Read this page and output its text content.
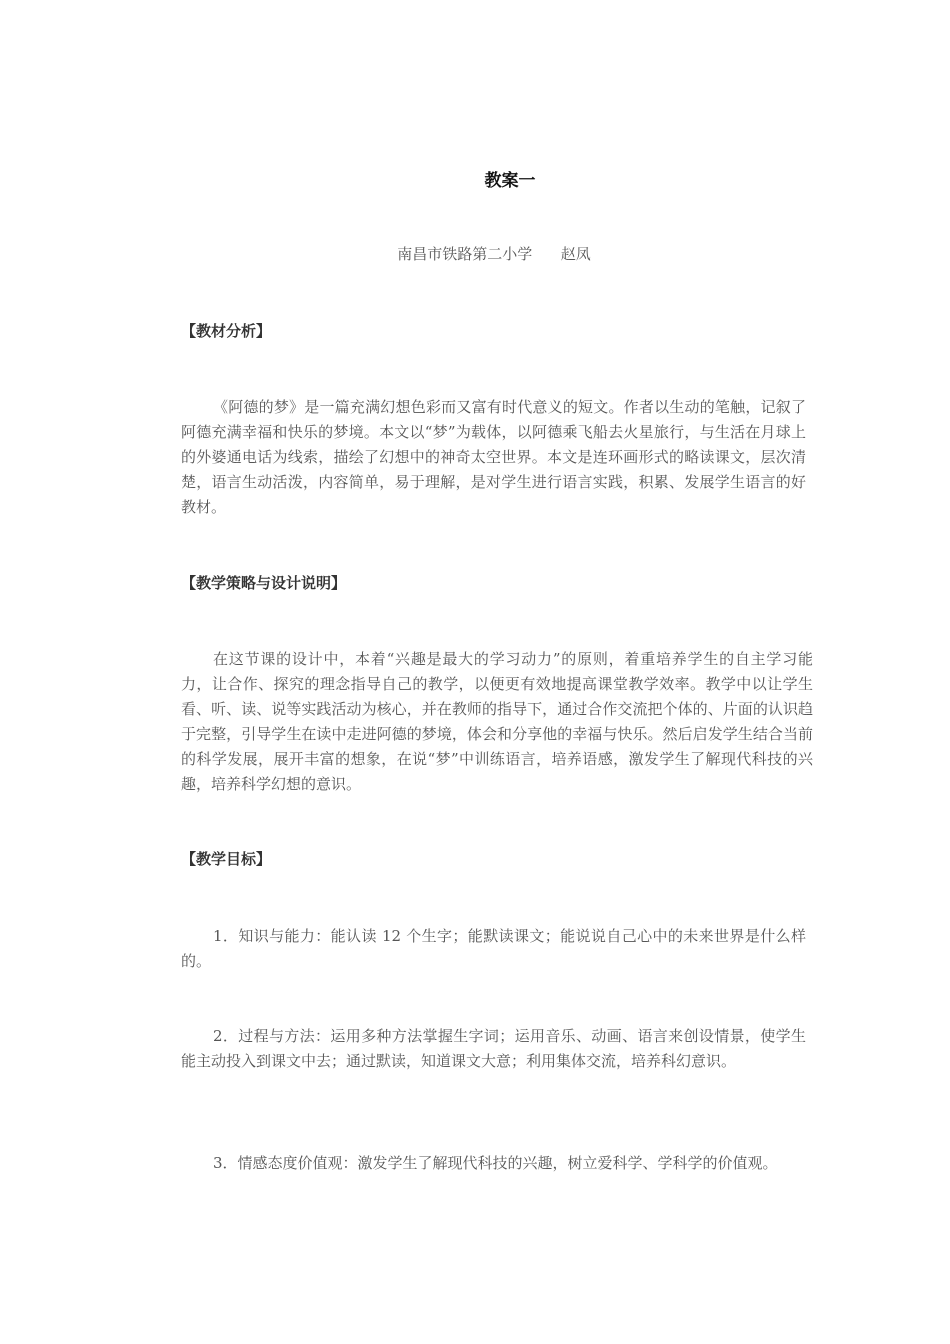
教案一

南昌市铁路第二小学      赵凤

【教材分析】

《阿德的梦》是一篇充满幻想色彩而又富有时代意义的短文。作者以生动的笔触，记叙了阿德充满幸福和快乐的梦境。本文以“梦”为载体，以阿德乘飞船去火星旅行，与生活在月球上的外婆通电话为线索，描绘了幻想中的神奇太空世界。本文是连环画形式的略读课文，层次清楚，语言生动活泼，内容简单，易于理解，是对学生进行语言实践，积累、发展学生语言的好教材。

【教学策略与设计说明】

在这节课的设计中，本着“兴趣是最大的学习动力”的原则，着重培养学生的自主学习能力，让合作、探究的理念指导自己的教学，以便更有效地提高课堂教学效率。教学中以让学生看、听、读、说等实践活动为核心，并在教师的指导下，通过合作交流把个体的、片面的认识趋于完整，引导学生在读中走进阿德的梦境，体会和分享他的幸福与快乐。然后启发学生结合当前的科学发展，展开丰富的想象，在说“梦”中训练语言，培养语感，激发学生了解现代科技的兴趣，培养科学幻想的意识。

【教学目标】

1．知识与能力：能认读 12 个生字；能默读课文；能说说自己心中的未来世界是什么样的。

2．过程与方法：运用多种方法掌握生字词；运用音乐、动画、语言来创设情景，使学生能主动投入到课文中去；通过默读，知道课文大意；利用集体交流，培养科幻意识。

3．情感态度价值观：激发学生了解现代科技的兴趣，树立爱科学、学科学的价值观。
